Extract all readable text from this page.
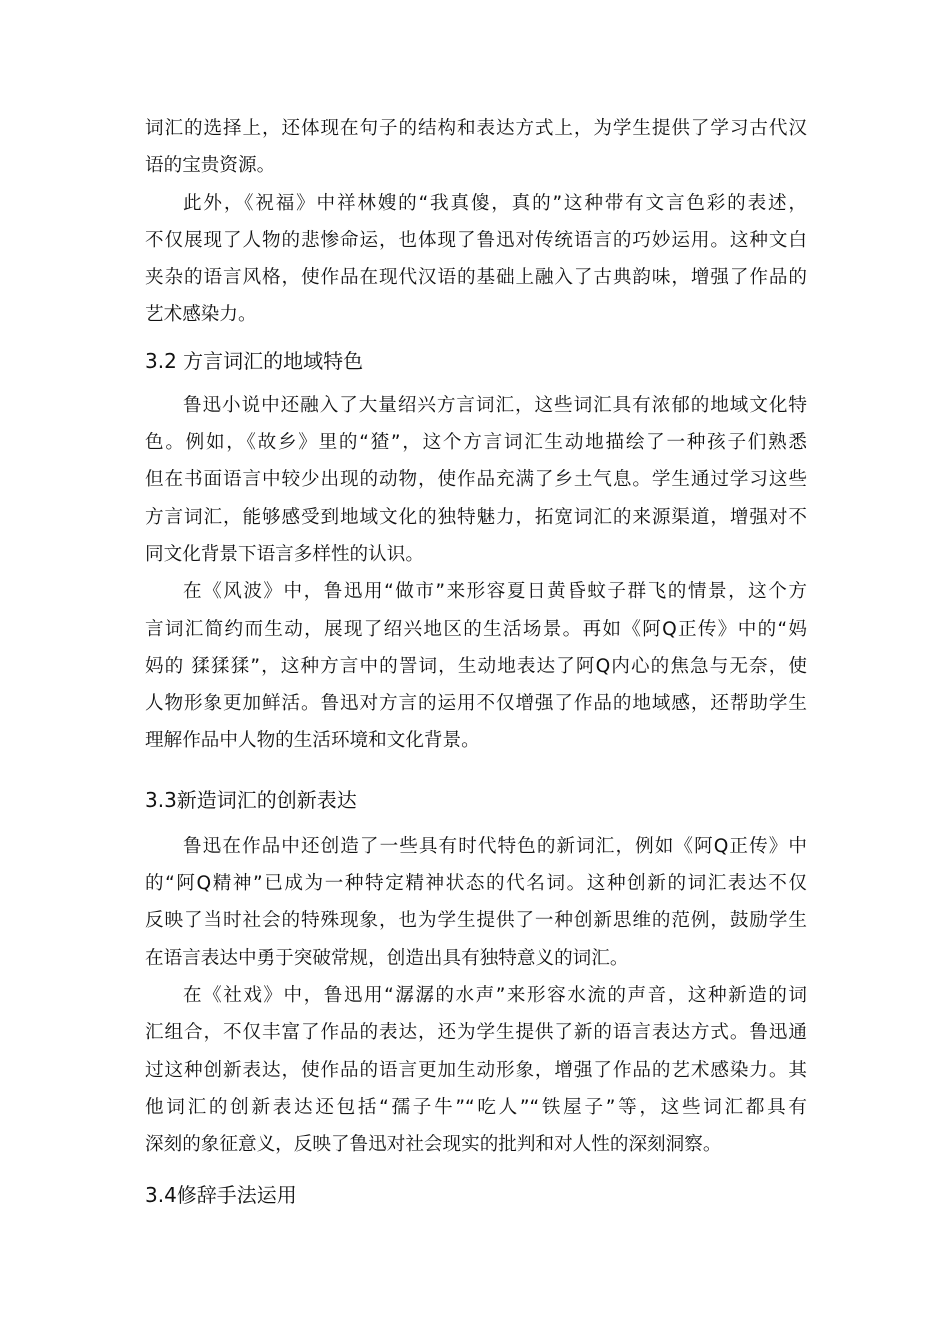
词汇的选择上，还体现在句子的结构和表达方式上，为学生提供了学习古代汉
语的宝贵资源。
此外，《祝福》中祥林嫂的“我真傻，真的”这种带有文言色彩的表述，
不仅展现了人物的悲惨命运，也体现了鲁迅对传统语言的巧妙运用。这种文白
夹杂的语言风格，使作品在现代汉语的基础上融入了古典韵味，增强了作品的
艺术感染力。
3.2 方言词汇的地域特色
鲁迅小说中还融入了大量绍兴方言词汇，这些词汇具有浓郁的地域文化特
色。例如，《故乡》里的“猹”，这个方言词汇生动地描绘了一种孩子们熟悉
但在书面语言中较少出现的动物，使作品充满了乡土气息。学生通过学习这些
方言词汇，能够感受到地域文化的独特魅力，拓宽词汇的来源渠道，增强对不
同文化背景下语言多样性的认识。
在《风波》中，鲁迅用“做市”来形容夏日黄昏蚊子群飞的情景，这个方
言词汇简约而生动，展现了绍兴地区的生活场景。再如《阿Q正传》中的“妈
妈的 猱猱猱”，这种方言中的詈词，生动地表达了阿Q内心的焦急与无奈，使
人物形象更加鲜活。鲁迅对方言的运用不仅增强了作品的地域感，还帮助学生
理解作品中人物的生活环境和文化背景。
3.3新造词汇的创新表达
鲁迅在作品中还创造了一些具有时代特色的新词汇，例如《阿Q正传》中
的“阿Q精神”已成为一种特定精神状态的代名词。这种创新的词汇表达不仅
反映了当时社会的特殊现象，也为学生提供了一种创新思维的范例，鼓励学生
在语言表达中勇于突破常规，创造出具有独特意义的词汇。
在《社戏》中，鲁迅用“潺潺的水声”来形容水流的声音，这种新造的词
汇组合，不仅丰富了作品的表达，还为学生提供了新的语言表达方式。鲁迅通
过这种创新表达，使作品的语言更加生动形象，增强了作品的艺术感染力。其
他词汇的创新表达还包括“孺子牛”“吃人”“铁屋子”等，这些词汇都具有
深刻的象征意义，反映了鲁迅对社会现实的批判和对人性的深刻洞察。
3.4修辞手法运用
